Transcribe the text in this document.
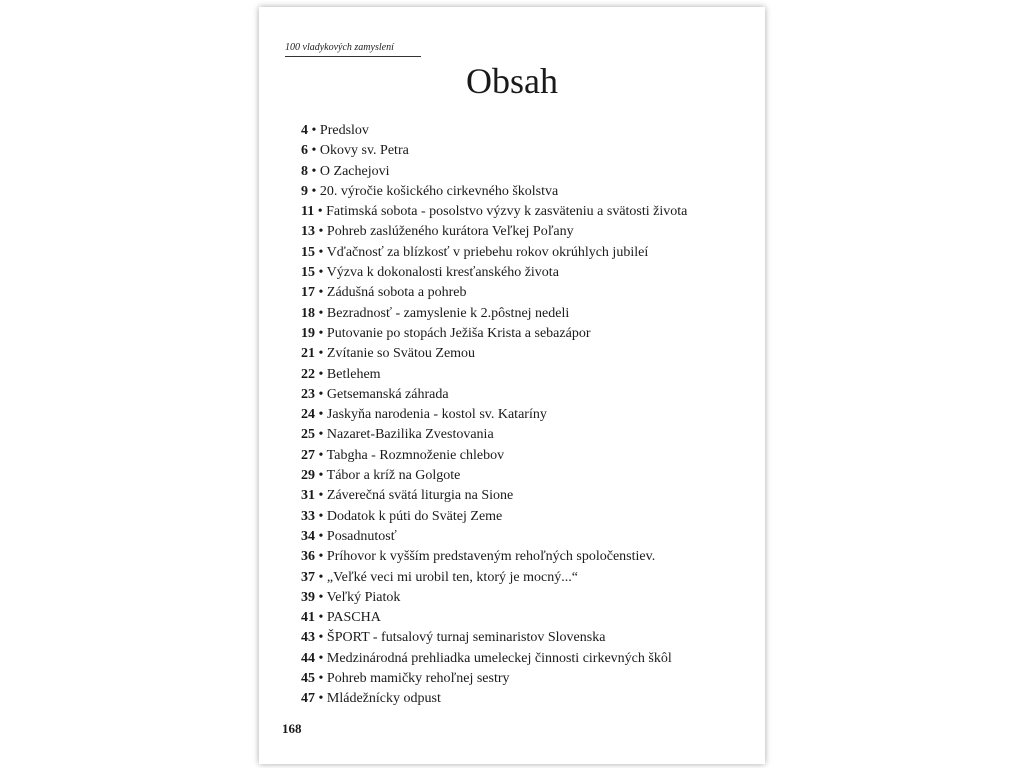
100 vladykových zamyslení
Obsah
4 • Predslov
6 • Okovy sv. Petra
8 • O Zachejovi
9 • 20. výročie košického cirkevného školstva
11 • Fatimská sobota - posolstvo výzvy k zasväteniu a svätosti života
13 • Pohreb zaslúženého kurátora Veľkej Poľany
15 • Vďačnosť za blízkosť v priebehu rokov okrúhlych jubileí
15 • Výzva k dokonalosti kresťanského života
17 • Zádušná sobota a pohreb
18 • Bezradnosť - zamyslenie k 2.pôstnej nedeli
19 • Putovanie po stopách Ježiša Krista a sebazápor
21 • Zvítanie so Svätou Zemou
22 • Betlehem
23 • Getsemanská záhrada
24 • Jaskyňa narodenia - kostol sv. Kataríny
25 • Nazaret-Bazilika Zvestovania
27 • Tabgha - Rozmnoženie chlebov
29 • Tábor a kríž na Golgote
31 • Záverečná svätá liturgia na Sione
33 • Dodatok k púti do Svätej Zeme
34 • Posadnutosť
36 • Príhovor k vyšším predstaveným rehoľných spoločenstiev.
37 • „Veľké veci mi urobil ten, ktorý je mocný...“
39 • Veľký Piatok
41 • PASCHA
43 • ŠPORT - futsalový turnaj seminaristov Slovenska
44 • Medzinárodná prehliadka umeleckej činnosti cirkevných škôl
45 • Pohreb mamičky rehoľnej sestry
47 • Mládežnícky odpust
168
